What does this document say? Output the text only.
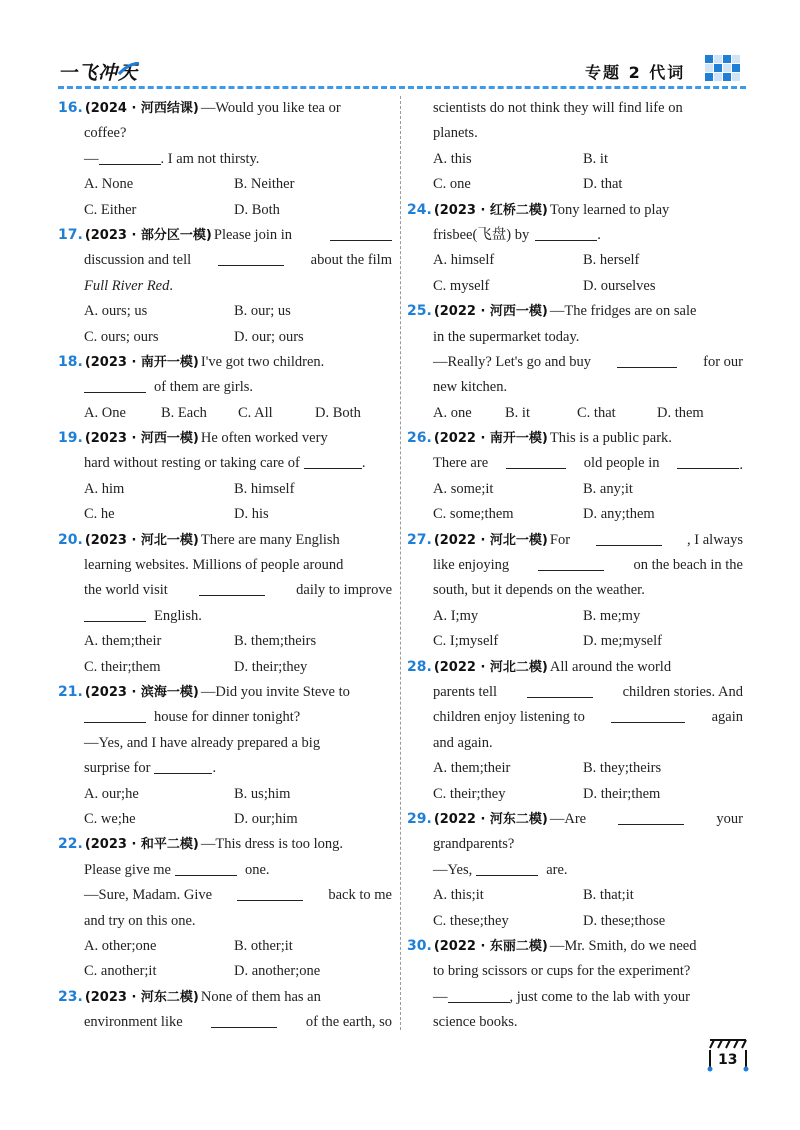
一飞冲天	专题 2 代词
16. (2024 · 河西结课) —Would you like tea or
coffee?
—	. I am not thirsty.
A. None	B. Neither
C. Either	D. Both
17. (2023 · 部分区一模) Please join in
discussion and tell	about the film
Full River Red .
A. ours; us	B. our; us
C. ours; ours	D. our; ours
18. (2023 · 南开一模) I've got two children.
of them are girls.
A. One	B. Each	C. All	D. Both
19. (2023 · 河西一模) He often worked very
hard without resting or taking care of	.
A. him	B. himself
C. he	D. his
20. (2023 · 河北一模) There are many English
learning websites. Millions of people around
the world visit	daily to improve
English.
A. them;their	B. them;theirs
C. their;them	D. their;they
21. (2023 · 滨海一模) —Did you invite Steve to
house for dinner tonight?
—Yes, and I have already prepared a big
surprise for	.
A. our;he	B. us;him
C. we;he	D. our;him
22. (2023 · 和平二模) —This dress is too long.
Please give me	one.
—Sure, Madam. Give	back to me
and try on this one.
A. other;one	B. other;it
C. another;it	D. another;one
23. (2023 · 河东二模) None of them has an
environment like	of the earth, so
scientists do not think they will find life on
planets.
A. this	B. it
C. one	D. that
24. (2023 · 红桥二模) Tony learned to play
frisbee(飞盘) by	.
A. himself	B. herself
C. myself	D. ourselves
25. (2022 · 河西一模) —The fridges are on sale
in the supermarket today.
—Really? Let's go and buy	for our
new kitchen.
A. one	B. it	C. that	D. them
26. (2022 · 南开一模) This is a public park.
There are	old people in	.
A. some;it	B. any;it
C. some;them	D. any;them
27. (2022 · 河北一模) For	, I always
like enjoying	on the beach in the
south, but it depends on the weather.
A. I;my	B. me;my
C. I;myself	D. me;myself
28. (2022 · 河北二模) All around the world
parents tell	children stories. And
children enjoy listening to	again
and again.
A. them;their	B. they;theirs
C. their;they	D. their;them
29. (2022 · 河东二模) —Are	your
grandparents?
—Yes,	are.
A. this;it	B. that;it
C. these;they	D. these;those
30. (2022 · 东丽二模) —Mr. Smith, do we need
to bring scissors or cups for the experiment?
—	, just come to the lab with your
science books.
13
